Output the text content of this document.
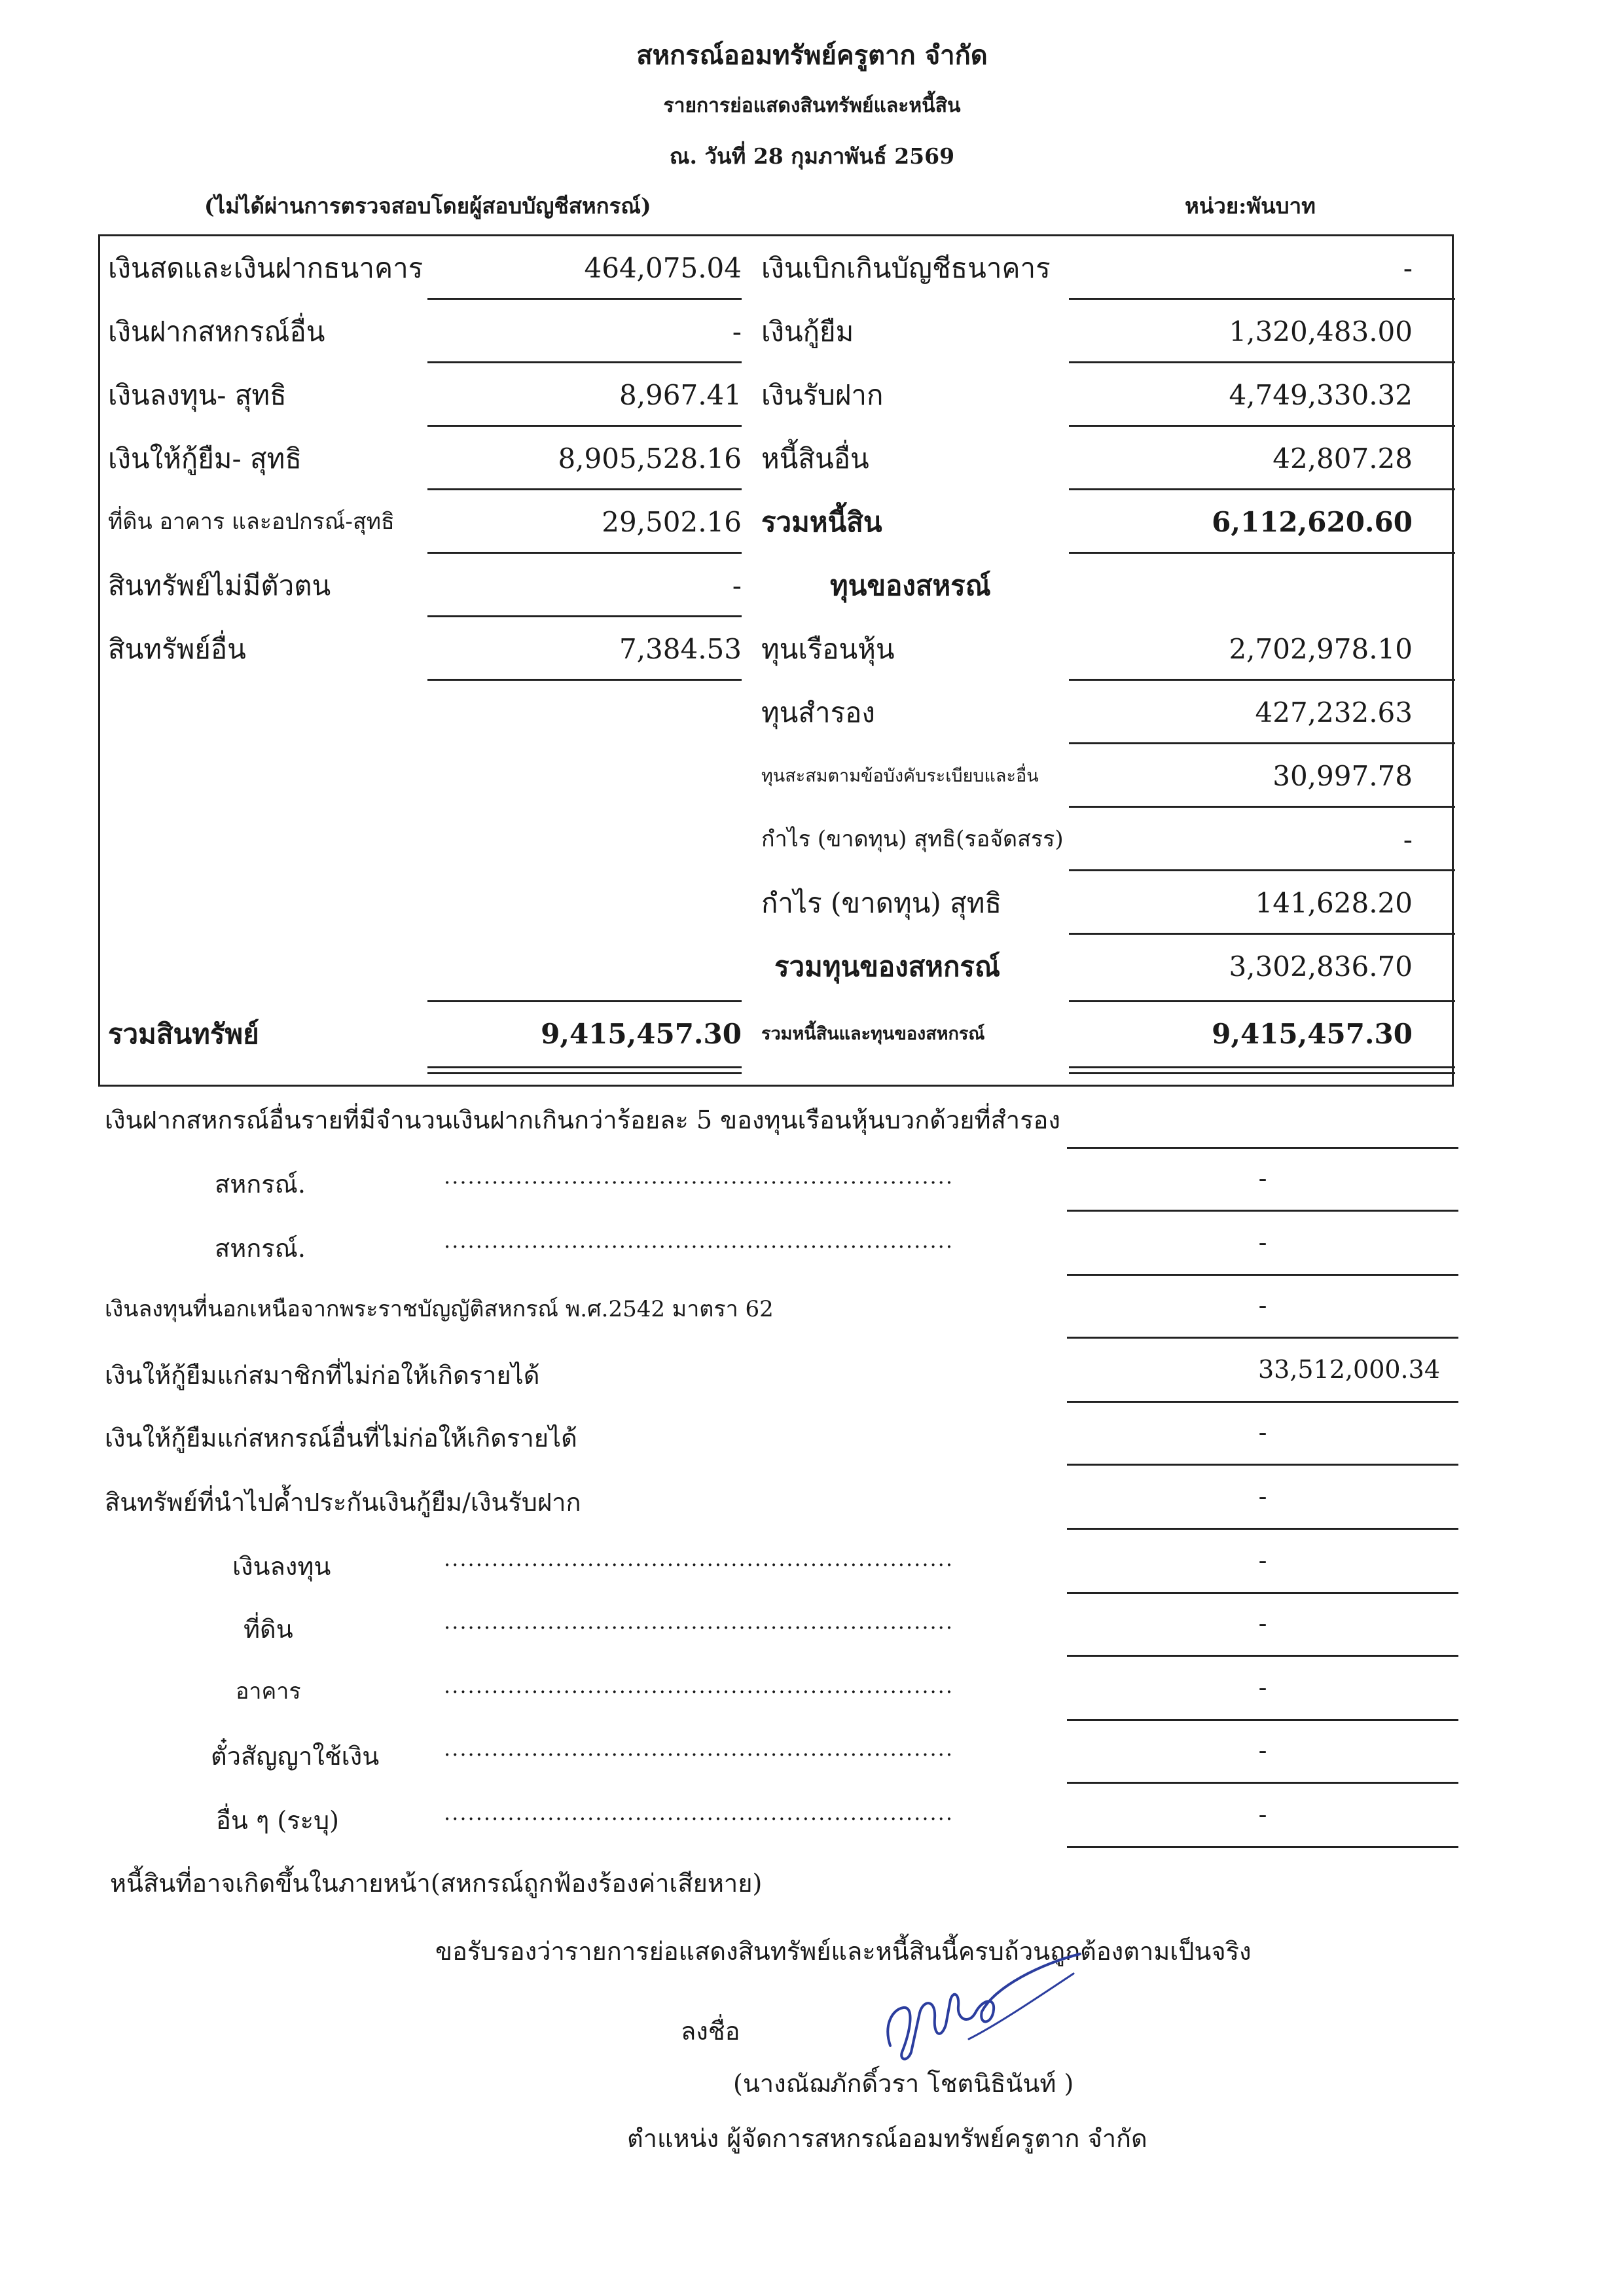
สหกรณ์ออมทรัพย์ครูตาก จำกัด
รายการย่อแสดงสินทรัพย์และหนี้สิน
ณ. วันที่ 28 กุมภาพันธ์ 2569
(ไม่ได้ผ่านการตรวจสอบโดยผู้สอบบัญชีสหกรณ์)	หน่วย:พันบาท
เงินสดและเงินฝากธนาคาร	464,075.04 เงินเบิกเกินบัญชีธนาคาร	-
เงินฝากสหกรณ์อื่น	- เงินกู้ยืม	1,320,483.00
เงินลงทุน- สุทธิ	8,967.41 เงินรับฝาก	4,749,330.32
เงินให้กู้ยืม- สุทธิ	8,905,528.16 หนี้สินอื่น	42,807.28
ที่ดิน อาคาร และอปกรณ์-สุทธิ	29,502.16 รวมหนี้สิน	6,112,620.60
สินทรัพย์ไม่มีตัวตน	-	ทุนของสหรณ์
สินทรัพย์อื่น	7,384.53 ทุนเรือนหุ้น	2,702,978.10
ทุนสำรอง	427,232.63
ทุนสะสมตามข้อบังคับระเบียบและอื่น	30,997.78
กำไร (ขาดทุน) สุทธิ(รอจัดสรร)	-
กำไร (ขาดทุน) สุทธิ	141,628.20
รวมทุนของสหกรณ์	3,302,836.70
รวมสินทรัพย์	9,415,457.30 รวมหนี้สินและทุนของสหกรณ์	9,415,457.30
เงินฝากสหกรณ์อื่นรายที่มีจำนวนเงินฝากเกินกว่าร้อยละ 5 ของทุนเรือนหุ้นบวกด้วยที่สำรอง
สหกรณ์.	................................................................	-
สหกรณ์.	................................................................	-
เงินลงทุนที่นอกเหนือจากพระราชบัญญัติสหกรณ์ พ.ศ.2542 มาตรา 62	-
เงินให้กู้ยืมแก่สมาชิกที่ไม่ก่อให้เกิดรายได้	33,512,000.34
เงินให้กู้ยืมแก่สหกรณ์อื่นที่ไม่ก่อให้เกิดรายได้	-
สินทรัพย์ที่นำไปค้ำประกันเงินกู้ยืม/เงินรับฝาก	-
เงินลงทุน	................................................................	-
ที่ดิน	................................................................	-
อาคาร	................................................................	-
ตั๋วสัญญาใช้เงิน	................................................................	-
อื่น ๆ (ระบุ)	................................................................	-
หนี้สินที่อาจเกิดขึ้นในภายหน้า(สหกรณ์ถูกฟ้องร้องค่าเสียหาย)
ขอรับรองว่ารายการย่อแสดงสินทรัพย์และหนี้สินนี้ครบถ้วนถูกต้องตามเป็นจริง
ลงชื่อ
(นางณัฌภักดิ์วรา โชตนิธินันท์ )
ตำแหน่ง ผู้จัดการสหกรณ์ออมทรัพย์ครูตาก จำกัด
